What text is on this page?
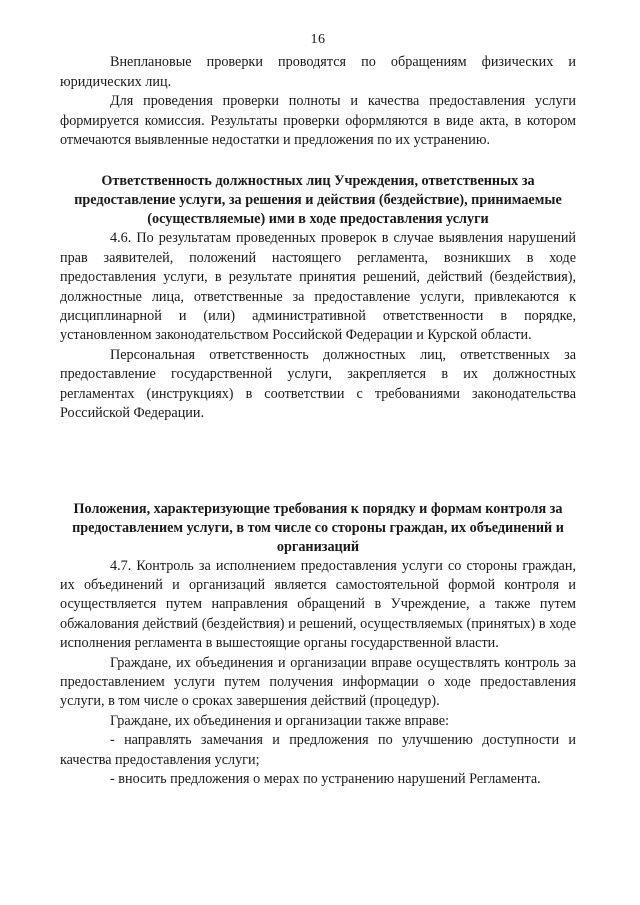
16

Внеплановые проверки проводятся по обращениям физических и юридических лиц.

Для проведения проверки полноты и качества предоставления услуги формируется комиссия. Результаты проверки оформляются в виде акта, в котором отмечаются выявленные недостатки и предложения по их устранению.

Ответственность должностных лиц Учреждения, ответственных за предоставление услуги, за решения и действия (бездействие), принимаемые (осуществляемые) ими в ходе предоставления услуги

4.6. По результатам проведенных проверок в случае выявления нарушений прав заявителей, положений настоящего регламента, возникших в ходе предоставления услуги, в результате принятия решений, действий (бездействия), должностные лица, ответственные за предоставление услуги, привлекаются к дисциплинарной и (или) административной ответственности в порядке, установленном законодательством Российской Федерации и Курской области.

Персональная ответственность должностных лиц, ответственных за предоставление государственной услуги, закрепляется в их должностных регламентах (инструкциях) в соответствии с требованиями законодательства Российской Федерации.

Положения, характеризующие требования к порядку и формам контроля за предоставлением услуги, в том числе со стороны граждан, их объединений и организаций

4.7. Контроль за исполнением предоставления услуги со стороны граждан, их объединений и организаций является самостоятельной формой контроля и осуществляется путем направления обращений в Учреждение, а также путем обжалования действий (бездействия) и решений, осуществляемых (принятых) в ходе исполнения регламента в вышестоящие органы государственной власти.

Граждане, их объединения и организации вправе осуществлять контроль за предоставлением услуги путем получения информации о ходе предоставления услуги, в том числе о сроках завершения действий (процедур).

Граждане, их объединения и организации также вправе:

- направлять замечания и предложения по улучшению доступности и качества предоставления услуги;

- вносить предложения о мерах по устранению нарушений Регламента.
